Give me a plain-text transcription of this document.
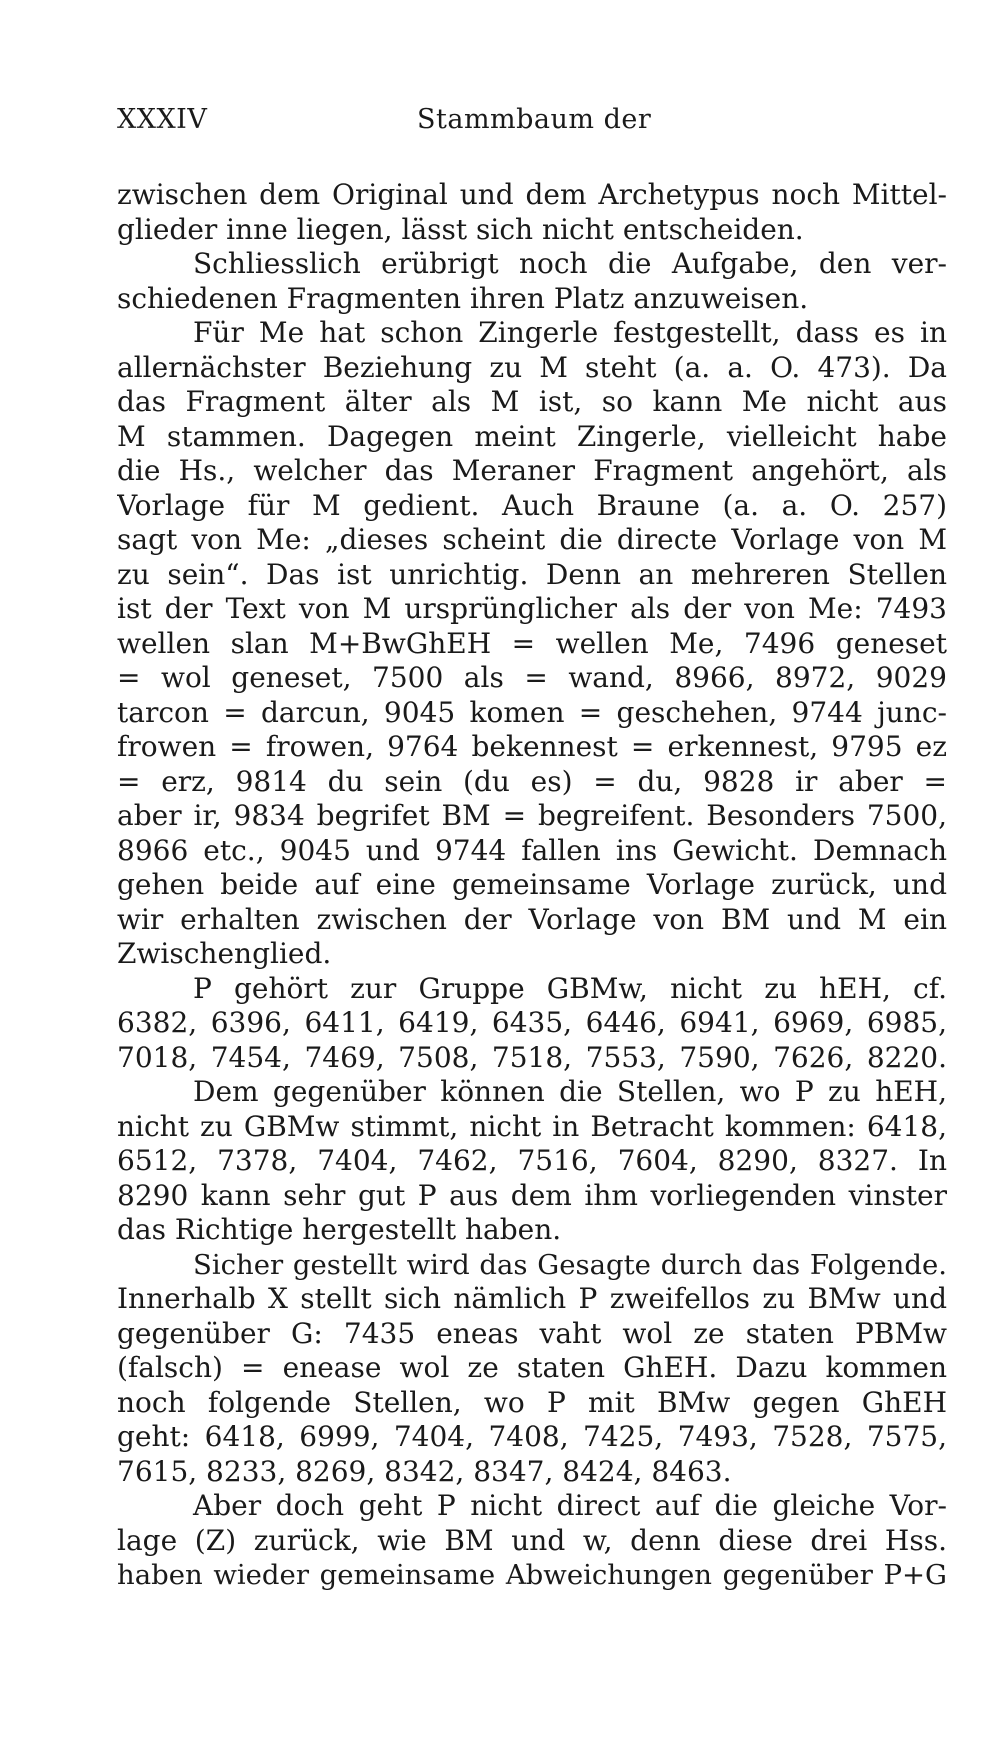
XXXIV	Stammbaum der
zwischen dem Original und dem Archetypus noch Mittel-
glieder inne liegen, lässt sich nicht entscheiden.
Schliesslich erübrigt noch die Aufgabe, den ver-
schiedenen Fragmenten ihren Platz anzuweisen.
Für Me hat schon Zingerle festgestellt, dass es in
allernächster Beziehung zu M steht (a. a. O. 473). Da
das Fragment älter als M ist, so kann Me nicht aus
M stammen. Dagegen meint Zingerle, vielleicht habe
die Hs., welcher das Meraner Fragment angehört, als
Vorlage für M gedient. Auch Braune (a. a. O. 257)
sagt von Me: „dieses scheint die directe Vorlage von M
zu sein“. Das ist unrichtig. Denn an mehreren Stellen
ist der Text von M ursprünglicher als der von Me: 7493
wellen slan M+BwGhEH = wellen Me, 7496 geneset
= wol geneset, 7500 als = wand, 8966, 8972, 9029
tarcon = darcun, 9045 komen = geschehen, 9744 junc-
frowen = frowen, 9764 bekennest = erkennest, 9795 ez
= erz, 9814 du sein (du es) = du, 9828 ir aber =
aber ir, 9834 begrifet BM = begreifent. Besonders 7500,
8966 etc., 9045 und 9744 fallen ins Gewicht. Demnach
gehen beide auf eine gemeinsame Vorlage zurück, und
wir erhalten zwischen der Vorlage von BM und M ein
Zwischenglied.
P gehört zur Gruppe GBMw, nicht zu hEH, cf.
6382, 6396, 6411, 6419, 6435, 6446, 6941, 6969, 6985,
7018, 7454, 7469, 7508, 7518, 7553, 7590, 7626, 8220.
Dem gegenüber können die Stellen, wo P zu hEH,
nicht zu GBMw stimmt, nicht in Betracht kommen: 6418,
6512, 7378, 7404, 7462, 7516, 7604, 8290, 8327. In
8290 kann sehr gut P aus dem ihm vorliegenden vinster
das Richtige hergestellt haben.
Sicher gestellt wird das Gesagte durch das Folgende.
Innerhalb X stellt sich nämlich P zweifellos zu BMw und
gegenüber G: 7435 eneas vaht wol ze staten PBMw
(falsch) = enease wol ze staten GhEH. Dazu kommen
noch folgende Stellen, wo P mit BMw gegen GhEH
geht: 6418, 6999, 7404, 7408, 7425, 7493, 7528, 7575,
7615, 8233, 8269, 8342, 8347, 8424, 8463.
Aber doch geht P nicht direct auf die gleiche Vor-
lage (Z) zurück, wie BM und w, denn diese drei Hss.
haben wieder gemeinsame Abweichungen gegenüber P+G
